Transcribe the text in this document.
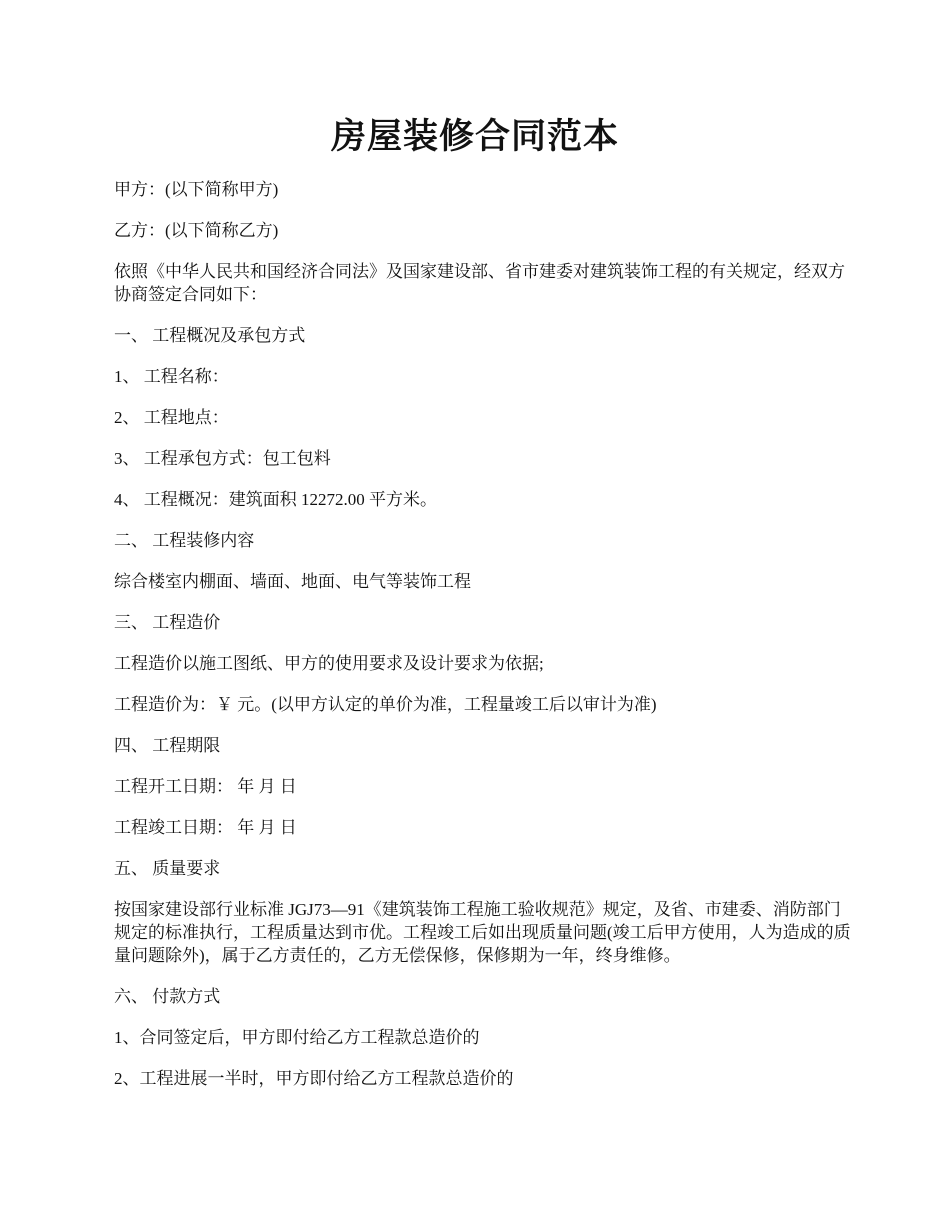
房屋装修合同范本

甲方：(以下简称甲方)

乙方：(以下简称乙方)

依照《中华人民共和国经济合同法》及国家建设部、省市建委对建筑装饰工程的有关规定，经双方协商签定合同如下：

一、 工程概况及承包方式

1、 工程名称：

2、 工程地点：

3、 工程承包方式：包工包料

4、 工程概况：建筑面积 12272.00 平方米。

二、 工程装修内容

综合楼室内棚面、墙面、地面、电气等装饰工程

三、 工程造价

工程造价以施工图纸、甲方的使用要求及设计要求为依据;

工程造价为：￥ 元。(以甲方认定的单价为准，工程量竣工后以审计为准)

四、 工程期限

工程开工日期： 年 月 日

工程竣工日期： 年 月 日

五、 质量要求

按国家建设部行业标准 JGJ73—91《建筑装饰工程施工验收规范》规定，及省、市建委、消防部门规定的标准执行，工程质量达到市优。工程竣工后如出现质量问题(竣工后甲方使用，人为造成的质量问题除外)，属于乙方责任的，乙方无偿保修，保修期为一年，终身维修。

六、 付款方式

1、合同签定后，甲方即付给乙方工程款总造价的

2、工程进展一半时，甲方即付给乙方工程款总造价的
